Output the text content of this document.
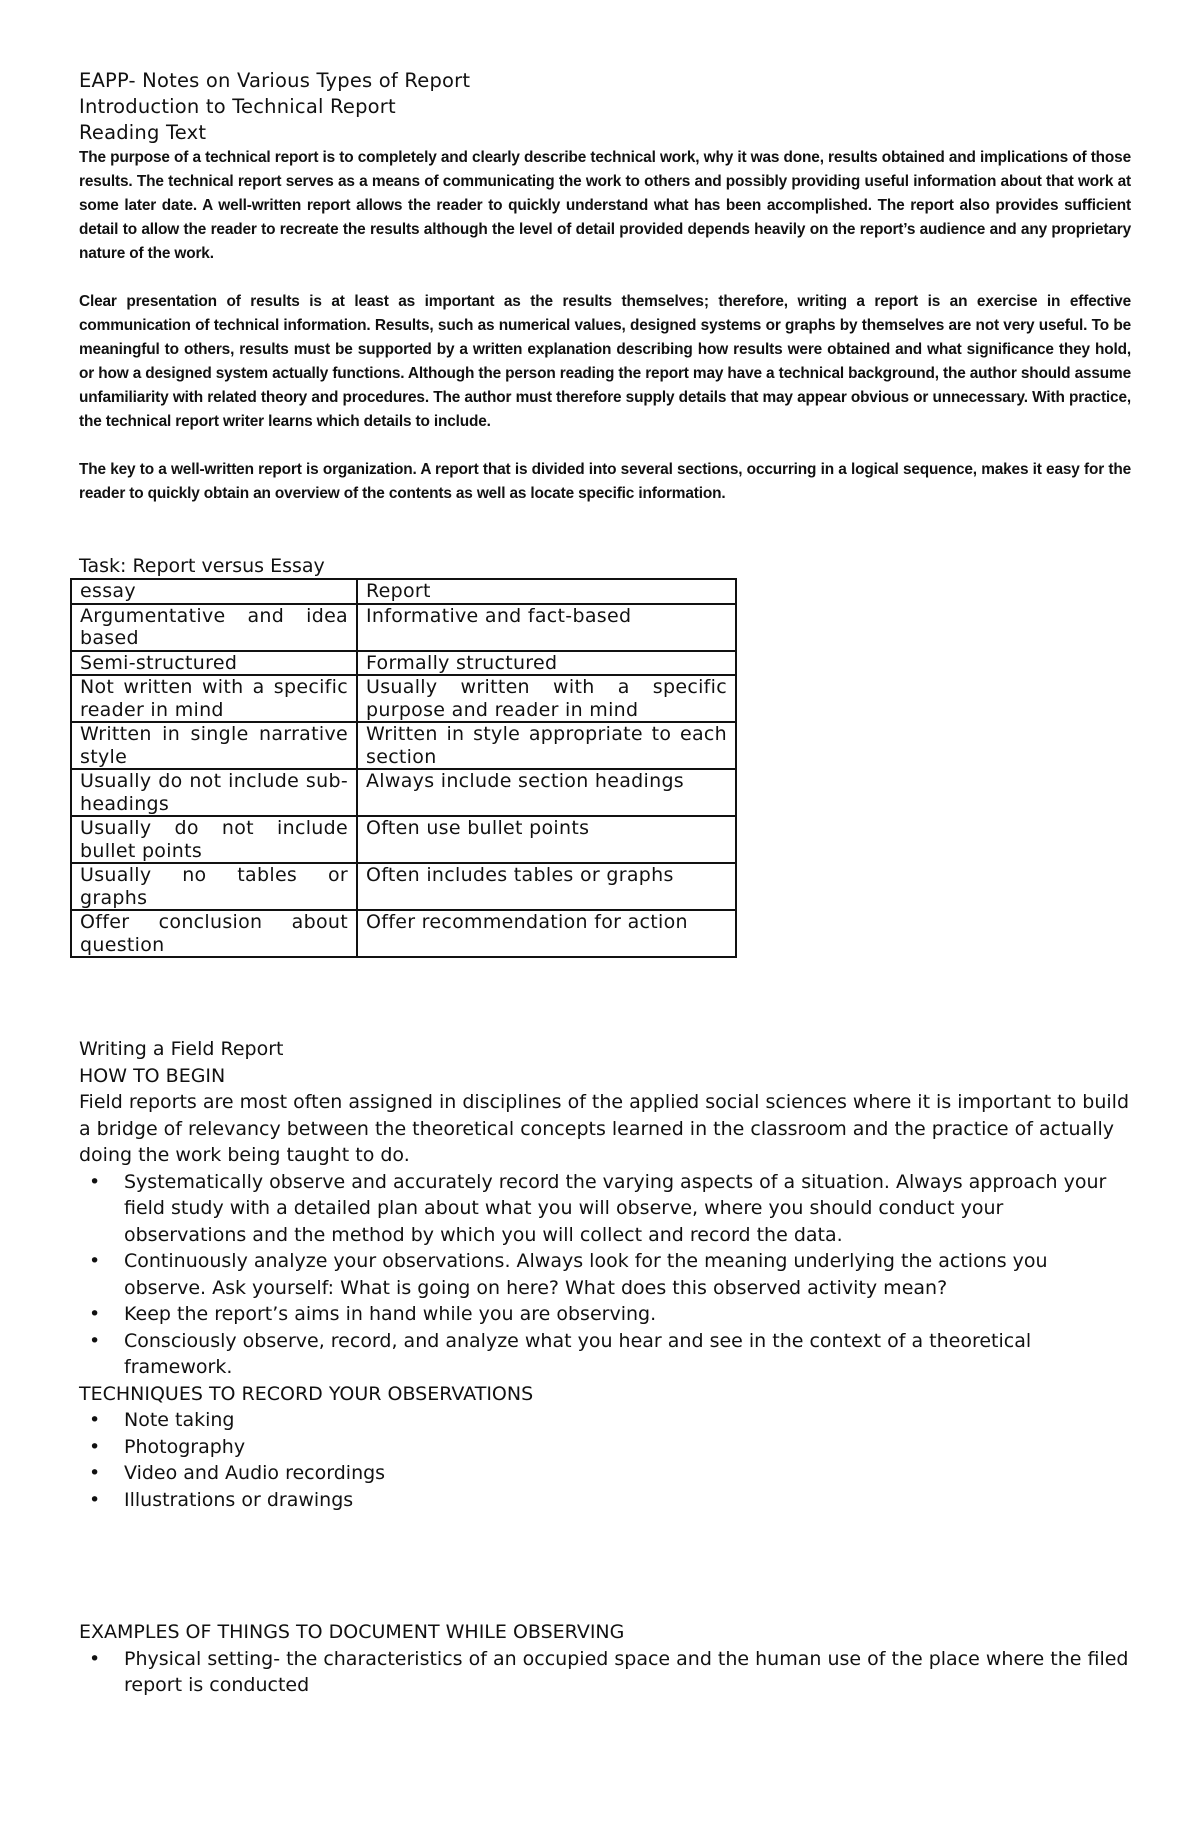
EAPP- Notes on Various Types of Report

Introduction to Technical Report

Reading Text

The purpose of a technical report is to completely and clearly describe technical work, why it was done, results obtained and implications of those results. The technical report serves as a means of communicating the work to others and possibly providing useful information about that work at some later date. A well-written report allows the reader to quickly understand what has been accomplished. The report also provides sufficient detail to allow the reader to recreate the results although the level of detail provided depends heavily on the report’s audience and any proprietary nature of the work.

Clear presentation of results is at least as important as the results themselves; therefore, writing a report is an exercise in effective communication of technical information. Results, such as numerical values, designed systems or graphs by themselves are not very useful. To be meaningful to others, results must be supported by a written explanation describing how results were obtained and what significance they hold, or how a designed system actually functions. Although the person reading the report may have a technical background, the author should assume unfamiliarity with related theory and procedures. The author must therefore supply details that may appear obvious or unnecessary. With practice, the technical report writer learns which details to include.

The key to a well-written report is organization. A report that is divided into several sections, occurring in a logical sequence, makes it easy for the reader to quickly obtain an overview of the contents as well as locate specific information.

Task: Report versus Essay
essay	Report
Argumentative and idea based	Informative and fact-based
Semi-structured	Formally structured
Not written with a specific reader in mind	Usually written with a specific purpose and reader in mind
Written in single narrative style	Written in style appropriate to each section
Usually do not include sub-headings	Always include section headings
Usually do not include bullet points	Often use bullet points
Usually no tables or graphs	Often includes tables or graphs
Offer conclusion about question	Offer recommendation for action

Writing a Field Report

HOW TO BEGIN

Field reports are most often assigned in disciplines of the applied social sciences where it is important to build a bridge of relevancy between the theoretical concepts learned in the classroom and the practice of actually doing the work being taught to do.

• Systematically observe and accurately record the varying aspects of a situation. Always approach your field study with a detailed plan about what you will observe, where you should conduct your observations and the method by which you will collect and record the data.
• Continuously analyze your observations. Always look for the meaning underlying the actions you observe. Ask yourself: What is going on here? What does this observed activity mean?
• Keep the report’s aims in hand while you are observing.
• Consciously observe, record, and analyze what you hear and see in the context of a theoretical framework.

TECHNIQUES TO RECORD YOUR OBSERVATIONS

• Note taking
• Photography
• Video and Audio recordings
• Illustrations or drawings

EXAMPLES OF THINGS TO DOCUMENT WHILE OBSERVING

• Physical setting- the characteristics of an occupied space and the human use of the place where the filed report is conducted
